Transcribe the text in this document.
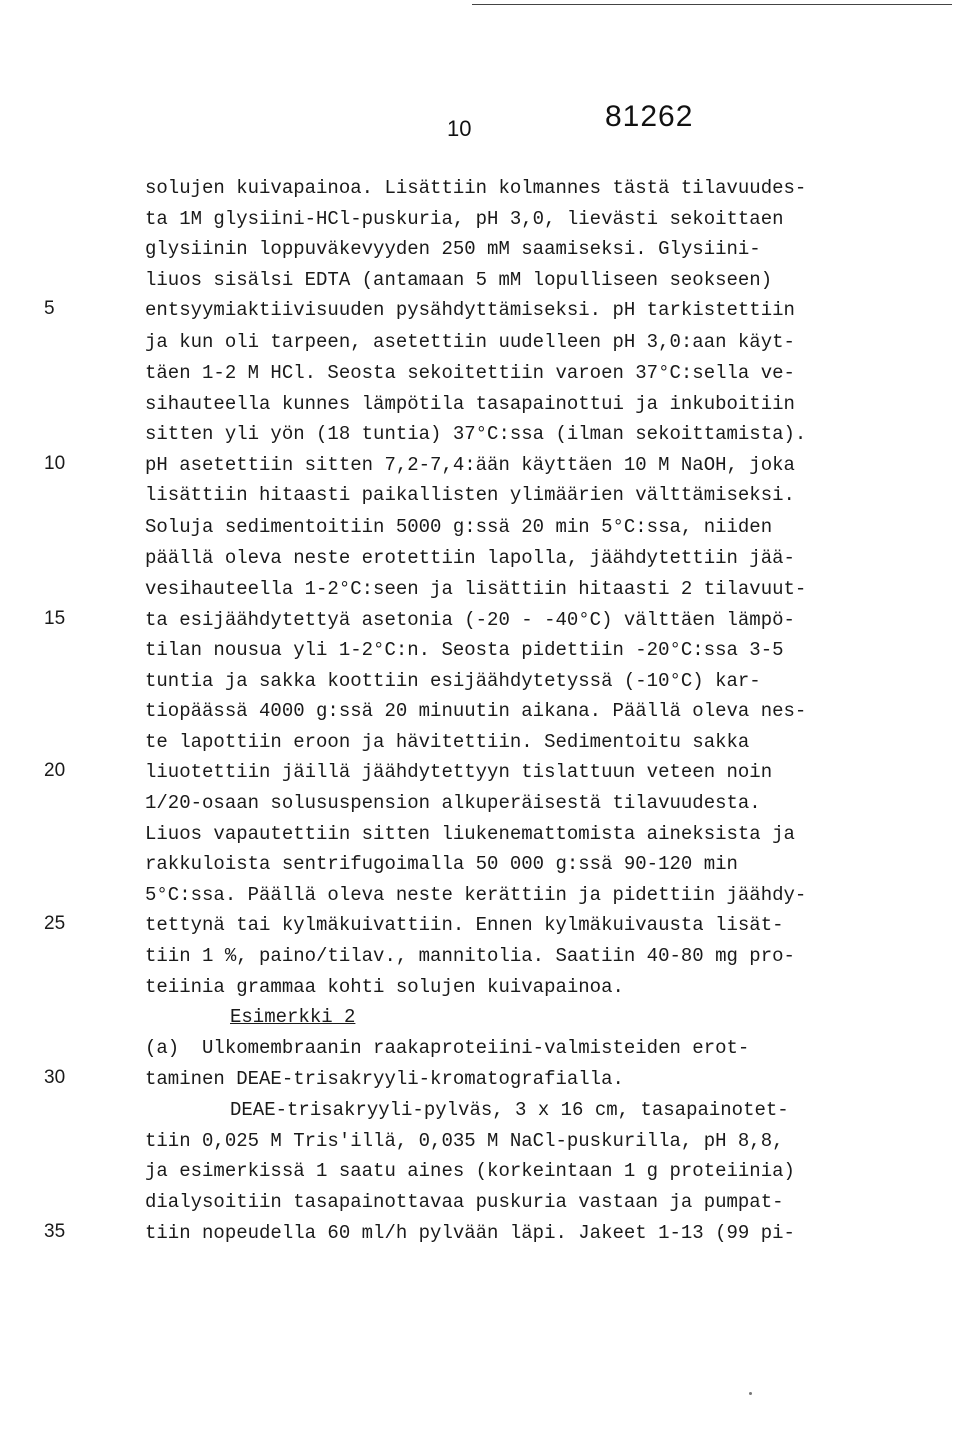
10	81262
5
10
15
20
25
30
35
solujen kuivapainoa. Lisättiin kolmannes tästä tilavuudes-
ta 1M glysiini-HCl-puskuria, pH 3,0, lievästi sekoittaen
glysiinin loppuväkevyyden 250 mM saamiseksi. Glysiini-
liuos sisälsi EDTA (antamaan 5 mM lopulliseen seokseen)
entsyymiaktiivisuuden pysähdyttämiseksi. pH tarkistettiin
ja kun oli tarpeen, asetettiin uudelleen pH 3,0:aan käyt-
täen 1-2 M HCl. Seosta sekoitettiin varoen 37°C:sella ve-
sihauteella kunnes lämpötila tasapainottui ja inkuboitiin
sitten yli yön (18 tuntia) 37°C:ssa (ilman sekoittamista).
pH asetettiin sitten 7,2-7,4:ään käyttäen 10 M NaOH, joka
lisättiin hitaasti paikallisten ylimäärien välttämiseksi.
Soluja sedimentoitiin 5000 g:ssä 20 min 5°C:ssa, niiden
päällä oleva neste erotettiin lapolla, jäähdytettiin jää-
vesihauteella 1-2°C:seen ja lisättiin hitaasti 2 tilavuut-
ta esijäähdytettyä asetonia (-20 - -40°C) välttäen lämpö-
tilan nousua yli 1-2°C:n. Seosta pidettiin -20°C:ssa 3-5
tuntia ja sakka koottiin esijäähdytetyssä (-10°C) kar-
tiopäässä 4000 g:ssä 20 minuutin aikana. Päällä oleva nes-
te lapottiin eroon ja hävitettiin. Sedimentoitu sakka
liuotettiin jäillä jäähdytettyyn tislattuun veteen noin
1/20-osaan solususpension alkuperäisestä tilavuudesta.
Liuos vapautettiin sitten liukenemattomista aineksista ja
rakkuloista sentrifugoimalla 50 000 g:ssä 90-120 min
5°C:ssa. Päällä oleva neste kerättiin ja pidettiin jäähdy-
tettynä tai kylmäkuivattiin. Ennen kylmäkuivausta lisät-
tiin 1 %, paino/tilav., mannitolia. Saatiin 40-80 mg pro-
teiinia grammaa kohti solujen kuivapainoa.
Esimerkki 2
(a)  Ulkomembraanin raakaproteiini-valmisteiden erot-
taminen DEAE-trisakryyli-kromatografialla.
DEAE-trisakryyli-pylväs, 3 x 16 cm, tasapainotet-
tiin 0,025 M Tris'illä, 0,035 M NaCl-puskurilla, pH 8,8,
ja esimerkissä 1 saatu aines (korkeintaan 1 g proteiinia)
dialysoitiin tasapainottavaa puskuria vastaan ja pumpat-
tiin nopeudella 60 ml/h pylvään läpi. Jakeet 1-13 (99 pi-
